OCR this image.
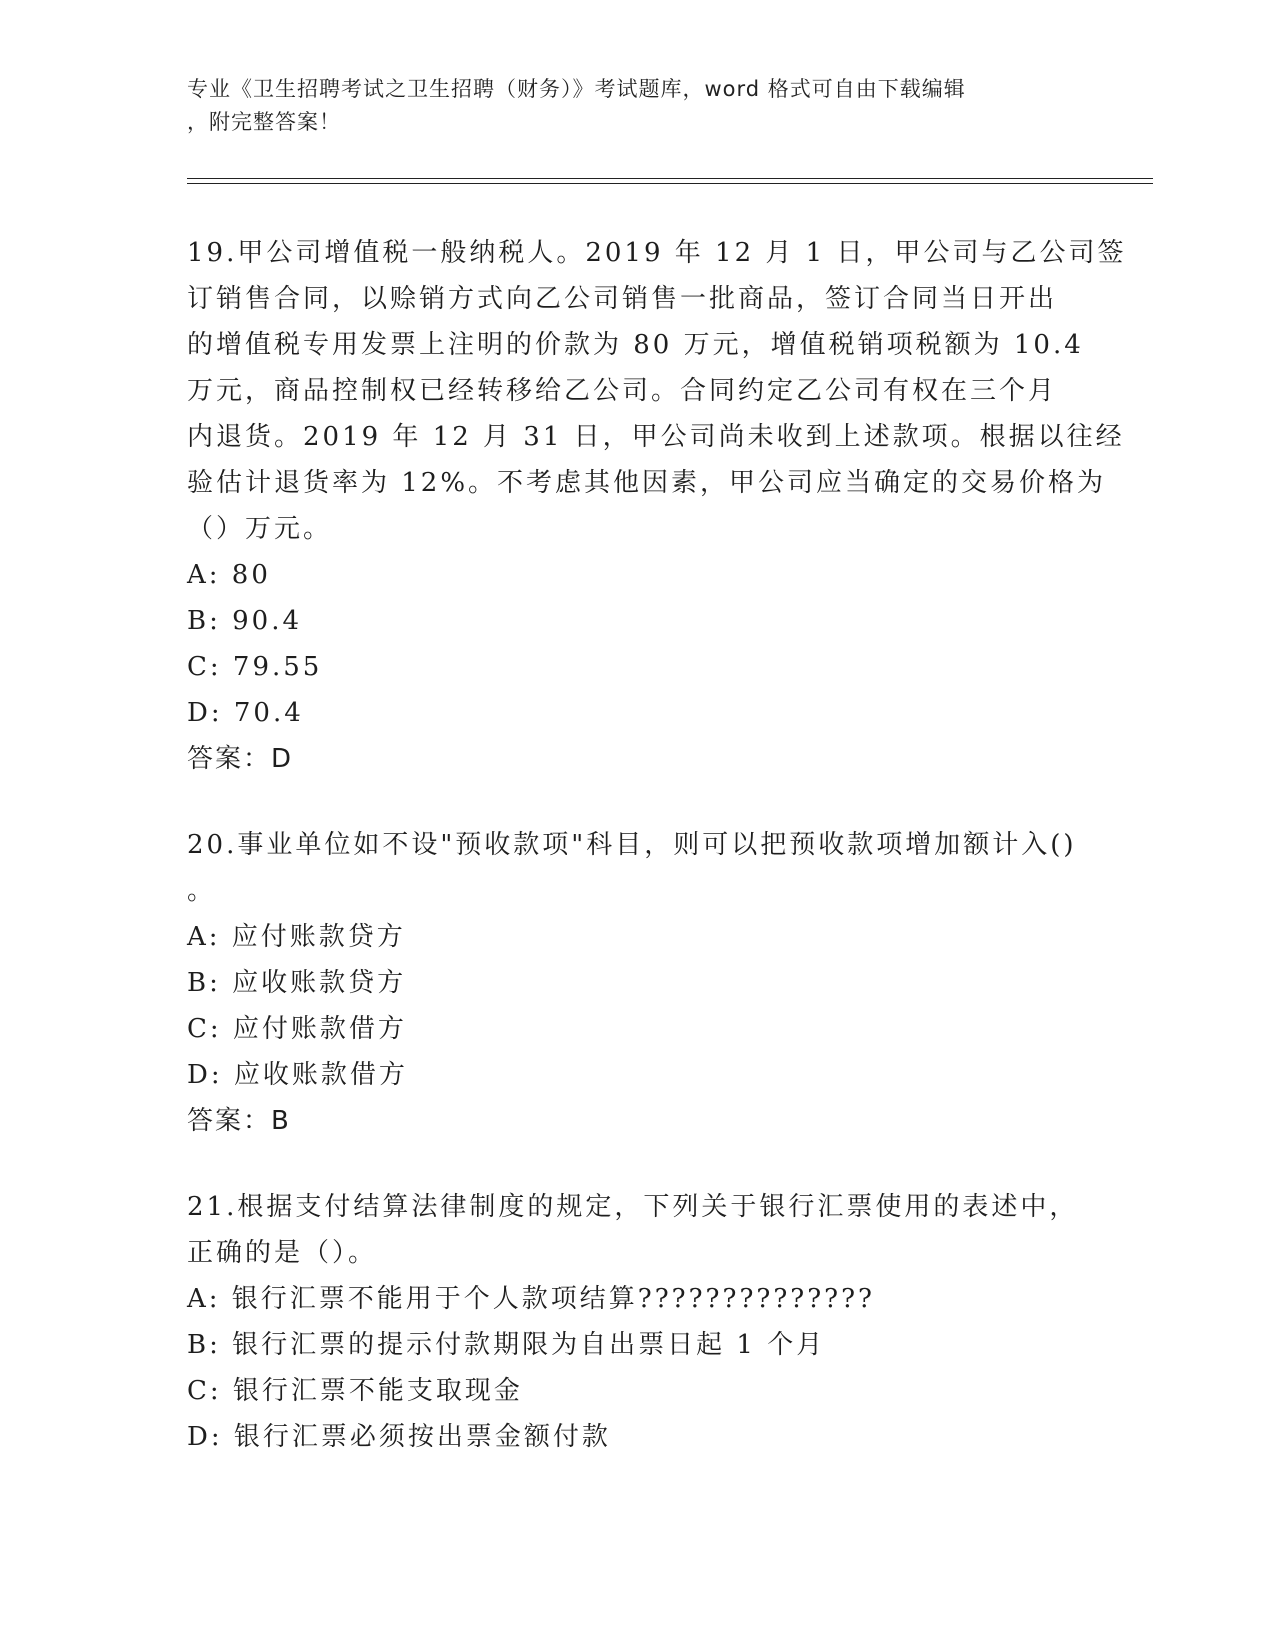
专业《卫生招聘考试之卫生招聘（财务）》考试题库，word 格式可自由下载编辑
，附完整答案！
19.甲公司增值税一般纳税人。2019 年 12 月 1 日，甲公司与乙公司签
订销售合同，以赊销方式向乙公司销售一批商品，签订合同当日开出
的增值税专用发票上注明的价款为 80 万元，增值税销项税额为 10.4
万元，商品控制权已经转移给乙公司。合同约定乙公司有权在三个月
内退货。2019 年 12 月 31 日，甲公司尚未收到上述款项。根据以往经
验估计退货率为 12%。不考虑其他因素，甲公司应当确定的交易价格为
（）万元。
A: 80
B: 90.4
C: 79.55
D: 70.4
答案：D
20.事业单位如不设"预收款项"科目，则可以把预收款项增加额计入()
。
A: 应付账款贷方
B: 应收账款贷方
C: 应付账款借方
D: 应收账款借方
答案：B
21.根据支付结算法律制度的规定，下列关于银行汇票使用的表述中，
正确的是（）。
A: 银行汇票不能用于个人款项结算??????????????
B: 银行汇票的提示付款期限为自出票日起 1 个月
C: 银行汇票不能支取现金
D: 银行汇票必须按出票金额付款
